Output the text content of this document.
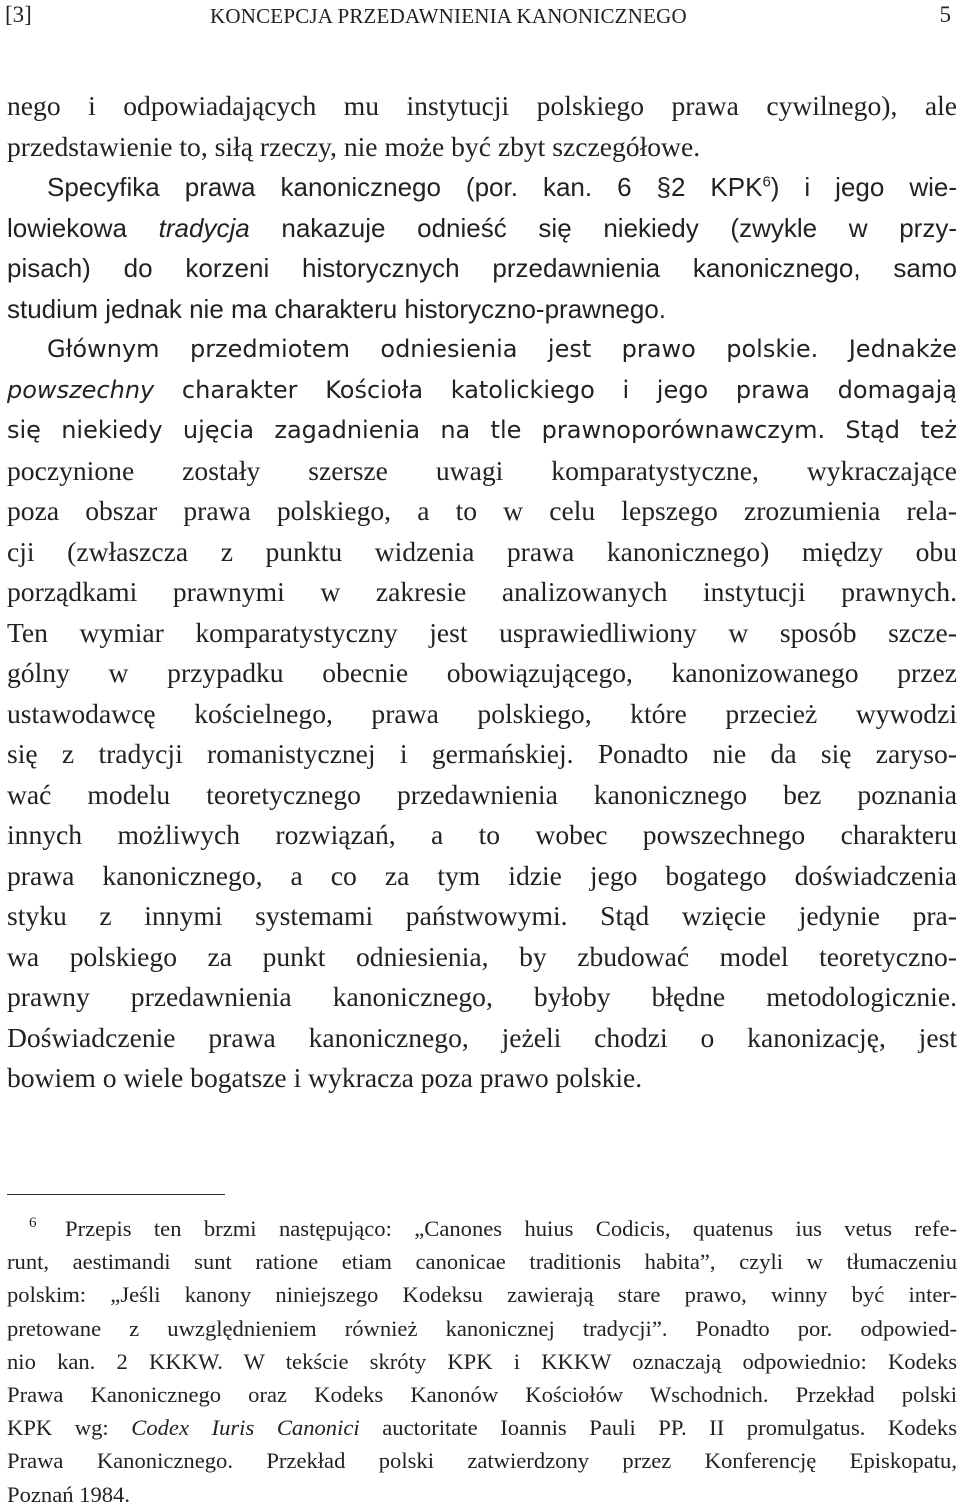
[3]	KONCEPCJA PRZEDAWNIENIA KANONICZNEGO	5
nego i odpowiadających mu instytucji polskiego prawa cywilnego), ale
przedstawienie to, siłą rzeczy, nie może być zbyt szczegółowe.
Specyfika prawa kanonicznego (por. kan. 6 §2 KPK$^6$) i jego wie-
lowiekowa tradycja nakazuje odnieść się niekiedy (zwykle w przy-
pisach) do korzeni historycznych przedawnienia kanonicznego, samo
studium jednak nie ma charakteru historyczno-prawnego.
Głównym przedmiotem odniesienia jest prawo polskie. Jednakże
powszechny charakter Kościoła katolickiego i jego prawa domagają
się niekiedy ujęcia zagadnienia na tle prawnoporównawczym. Stąd też
poczynione zostały szersze uwagi komparatystyczne, wykraczające
poza obszar prawa polskiego, a to w celu lepszego zrozumienia rela-
cji (zwłaszcza z punktu widzenia prawa kanonicznego) między obu
porządkami prawnymi w zakresie analizowanych instytucji prawnych.
Ten wymiar komparatystyczny jest usprawiedliwiony w sposób szcze-
gólny w przypadku obecnie obowiązującego, kanonizowanego przez
ustawodawcę kościelnego, prawa polskiego, które przecież wywodzi
się z tradycji romanistycznej i germańskiej. Ponadto nie da się zaryso-
wać modelu teoretycznego przedawnienia kanonicznego bez poznania
innych możliwych rozwiązań, a to wobec powszechnego charakteru
prawa kanonicznego, a co za tym idzie jego bogatego doświadczenia
styku z innymi systemami państwowymi. Stąd wzięcie jedynie pra-
wa polskiego za punkt odniesienia, by zbudować model teoretyczno-
prawny przedawnienia kanonicznego, byłoby błędne metodologicznie.
Doświadczenie prawa kanonicznego, jeżeli chodzi o kanonizację, jest
bowiem o wiele bogatsze i wykracza poza prawo polskie.
6 Przepis ten brzmi następująco: „Canones huius Codicis, quatenus ius vetus refe-
runt, aestimandi sunt ratione etiam canonicae traditionis habita”, czyli w tłumaczeniu
polskim: „Jeśli kanony niniejszego Kodeksu zawierają stare prawo, winny być inter-
pretowane z uwzględnieniem również kanonicznej tradycji”. Ponadto por. odpowied-
nio kan. 2 KKKW. W tekście skróty KPK i KKKW oznaczają odpowiednio: Kodeks
Prawa Kanonicznego oraz Kodeks Kanonów Kościołów Wschodnich. Przekład polski
KPK wg: Codex Iuris Canonici auctoritate Ioannis Pauli PP. II promulgatus. Kodeks
Prawa Kanonicznego. Przekład polski zatwierdzony przez Konferencję Episkopatu,
Poznań 1984.
